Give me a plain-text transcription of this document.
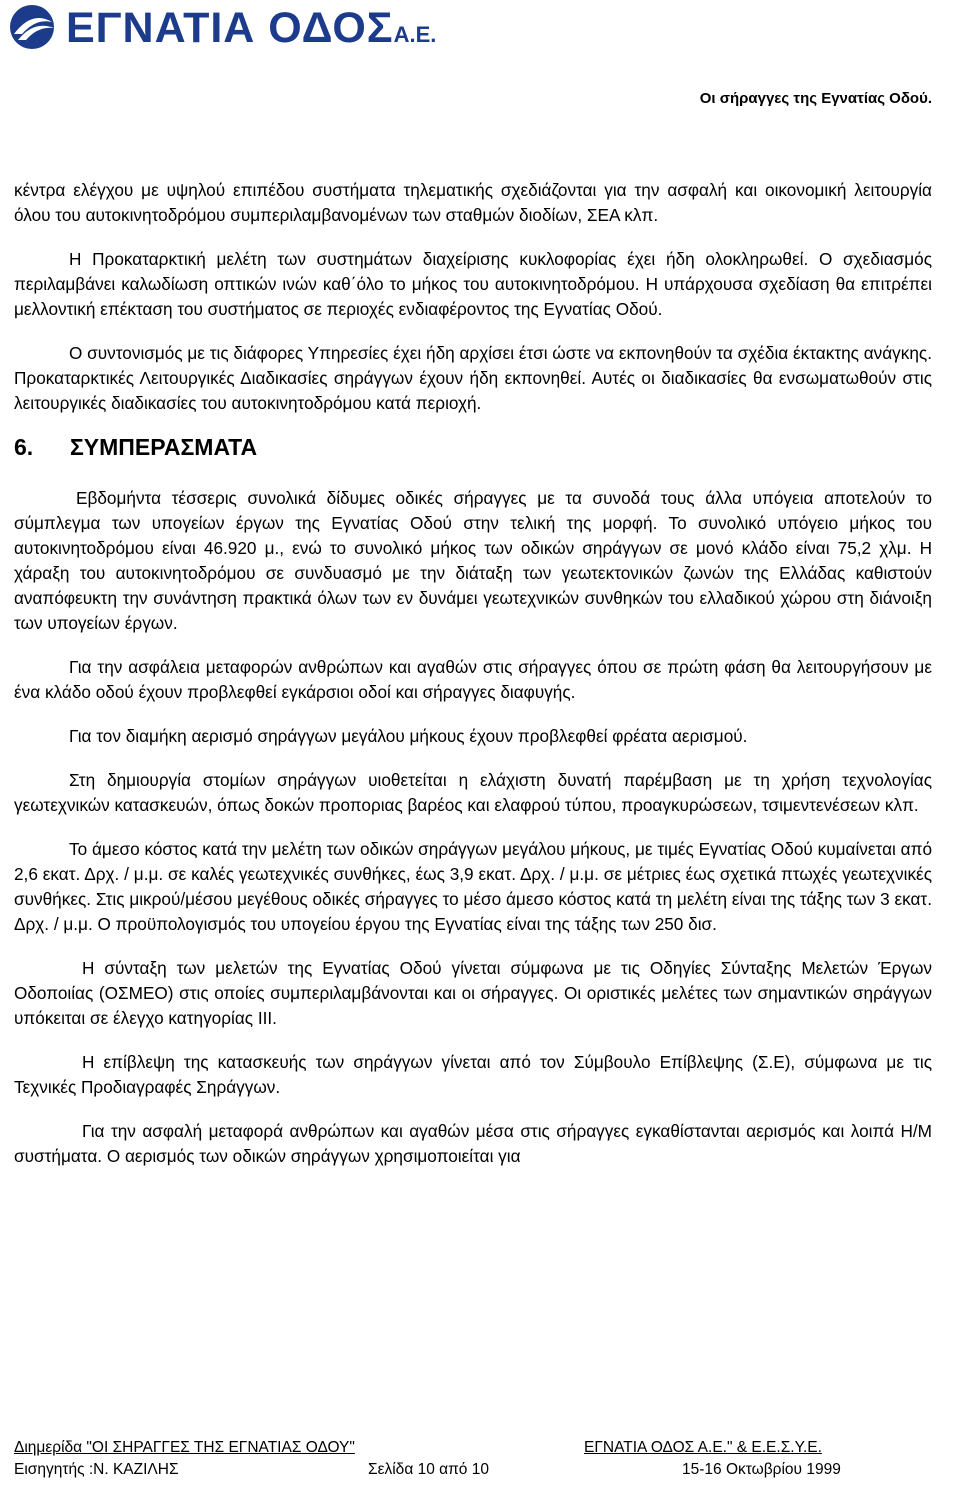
ΕΓΝΑΤΙΑ ΟΔΟΣΑ.Ε.
Οι σήραγγες της Εγνατίας Οδού.

κέντρα ελέγχου με υψηλού επιπέδου συστήματα τηλεματικής σχεδιάζονται για την ασφαλή και οικονομική λειτουργία όλου του αυτοκινητοδρόμου συμπεριλαμβανομένων των σταθμών διοδίων, ΣΕΑ κλπ.

Η Προκαταρκτική μελέτη των συστημάτων διαχείρισης κυκλοφορίας έχει ήδη ολοκληρωθεί. Ο σχεδιασμός περιλαμβάνει καλωδίωση οπτικών ινών καθ΄όλο το μήκος του αυτοκινητοδρόμου. Η υπάρχουσα σχεδίαση θα επιτρέπει μελλοντική επέκταση του συστήματος σε περιοχές ενδιαφέροντος της Εγνατίας Οδού.

Ο συντονισμός με τις διάφορες Υπηρεσίες έχει ήδη αρχίσει έτσι ώστε να εκπονηθούν τα σχέδια έκτακτης ανάγκης. Προκαταρκτικές Λειτουργικές Διαδικασίες σηράγγων έχουν ήδη εκπονηθεί. Αυτές οι διαδικασίες θα ενσωματωθούν στις λειτουργικές διαδικασίες του αυτοκινητοδρόμου κατά περιοχή.

6. ΣΥΜΠΕΡΑΣΜΑΤΑ

Εβδομήντα τέσσερις συνολικά δίδυμες οδικές σήραγγες με τα συνοδά τους άλλα υπόγεια αποτελούν το σύμπλεγμα των υπογείων έργων της Εγνατίας Οδού στην τελική της μορφή. Το συνολικό υπόγειο μήκος του αυτοκινητοδρόμου είναι 46.920 μ., ενώ το συνολικό μήκος των οδικών σηράγγων σε μονό κλάδο είναι 75,2 χλμ. Η χάραξη του αυτοκινητοδρόμου σε συνδυασμό με την διάταξη των γεωτεκτονικών ζωνών της Ελλάδας καθιστούν αναπόφευκτη την συνάντηση πρακτικά όλων των εν δυνάμει γεωτεχνικών συνθηκών του ελλαδικού χώρου στη διάνοιξη των υπογείων έργων.

Για την ασφάλεια μεταφορών ανθρώπων και αγαθών στις σήραγγες όπου σε πρώτη φάση θα λειτουργήσουν με ένα κλάδο οδού έχουν προβλεφθεί εγκάρσιοι οδοί και σήραγγες διαφυγής.

Για τον διαμήκη αερισμό σηράγγων μεγάλου μήκους έχουν προβλεφθεί φρέατα αερισμού.

Στη δημιουργία στομίων σηράγγων υιοθετείται η ελάχιστη δυνατή παρέμβαση με τη χρήση τεχνολογίας γεωτεχνικών κατασκευών, όπως δοκών προποριας βαρέος και ελαφρού τύπου, προαγκυρώσεων, τσιμεντενέσεων κλπ.

Το άμεσο κόστος κατά την μελέτη των οδικών σηράγγων μεγάλου μήκους, με τιμές Εγνατίας Οδού κυμαίνεται από 2,6 εκατ. Δρχ. / μ.μ. σε καλές γεωτεχνικές συνθήκες, έως 3,9 εκατ. Δρχ. / μ.μ. σε μέτριες έως σχετικά πτωχές γεωτεχνικές συνθήκες. Στις μικρού/μέσου μεγέθους οδικές σήραγγες το μέσο άμεσο κόστος κατά τη μελέτη είναι της τάξης των 3 εκατ. Δρχ. / μ.μ. Ο προϋπολογισμός του υπογείου έργου της Εγνατίας είναι της τάξης των 250 δισ.

Η σύνταξη των μελετών της Εγνατίας Οδού γίνεται σύμφωνα με τις Οδηγίες Σύνταξης Μελετών Έργων Οδοποιίας (ΟΣΜΕΟ) στις οποίες συμπεριλαμβάνονται και οι σήραγγες. Οι οριστικές μελέτες των σημαντικών σηράγγων υπόκειται σε έλεγχο κατηγορίας ΙΙΙ.

Η επίβλεψη της κατασκευής των σηράγγων γίνεται από τον Σύμβουλο Επίβλεψης (Σ.Ε), σύμφωνα με τις Τεχνικές Προδιαγραφές Σηράγγων.

Για την ασφαλή μεταφορά ανθρώπων και αγαθών μέσα στις σήραγγες εγκαθίστανται αερισμός και λοιπά Η/Μ συστήματα. Ο αερισμός των οδικών σηράγγων χρησιμοποιείται για

Διημερίδα "ΟΙ ΣΗΡΑΓΓΕΣ ΤΗΣ ΕΓΝΑΤΙΑΣ ΟΔΟΥ"	ΕΓΝΑΤΙΑ ΟΔΟΣ Α.Ε." & Ε.Ε.Σ.Υ.Ε.
Εισηγητής :Ν. ΚΑΖΙΛΗΣ	Σελίδα 10 από 10	15-16 Οκτωβρίου 1999
